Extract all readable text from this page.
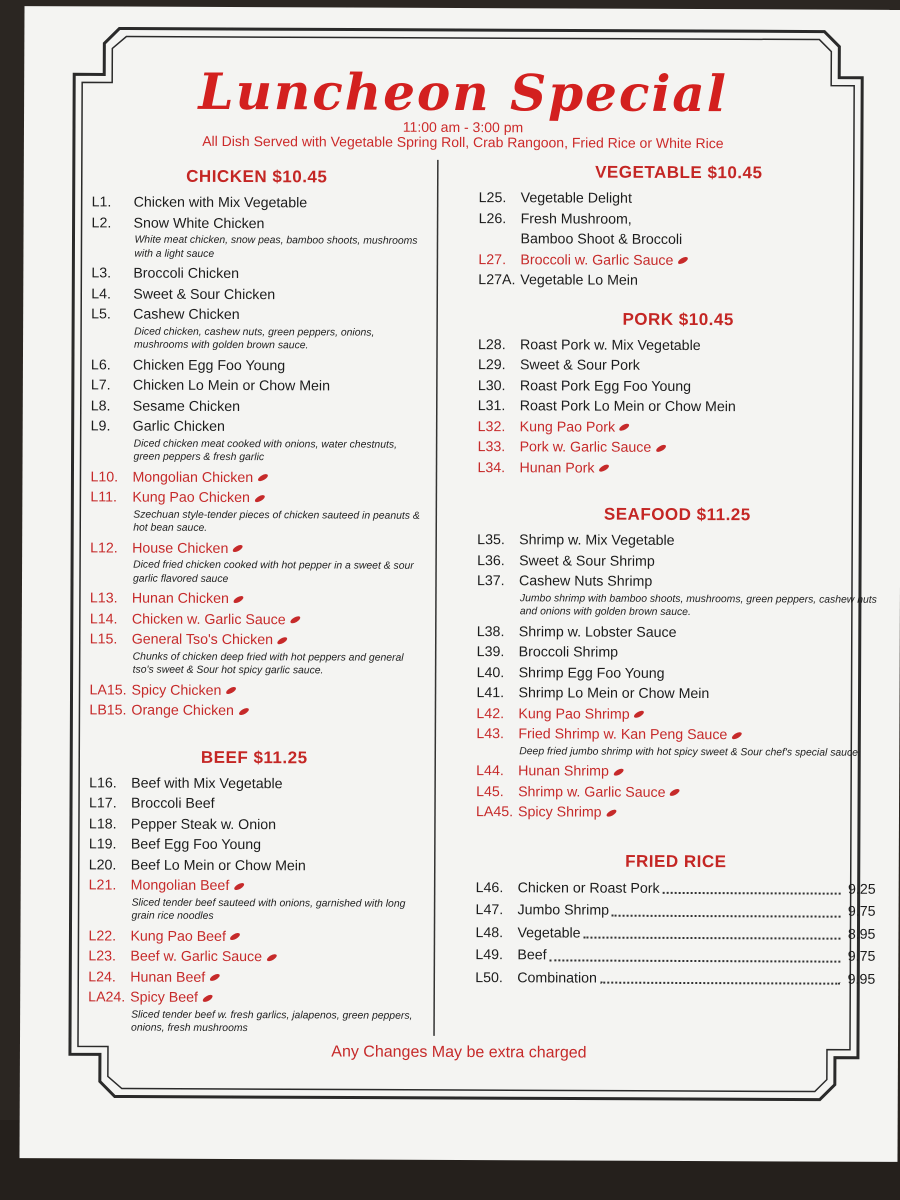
Luncheon Special
11:00 am - 3:00 pm
All Dish Served with Vegetable Spring Roll, Crab Rangoon, Fried Rice or White Rice
CHICKEN $10.45
L1.	Chicken with Mix Vegetable
L2.	Snow White Chicken
White meat chicken, snow peas, bamboo shoots, mushrooms with a light sauce
L3.	Broccoli Chicken
L4.	Sweet & Sour Chicken
L5.	Cashew Chicken
Diced chicken, cashew nuts, green peppers, onions, mushrooms with golden brown sauce.
L6.	Chicken Egg Foo Young
L7.	Chicken Lo Mein or Chow Mein
L8.	Sesame Chicken
L9.	Garlic Chicken
Diced chicken meat cooked with onions, water chestnuts, green peppers & fresh garlic
L10.	Mongolian Chicken
L11.	Kung Pao Chicken
Szechuan style-tender pieces of chicken sauteed in peanuts & hot bean sauce.
L12.	House Chicken
Diced fried chicken cooked with hot pepper in a sweet & sour garlic flavored sauce
L13.	Hunan Chicken
L14.	Chicken w. Garlic Sauce
L15.	General Tso's Chicken
Chunks of chicken deep fried with hot peppers and general tso's sweet & Sour hot spicy garlic sauce.
LA15. Spicy Chicken
LB15. Orange Chicken
BEEF $11.25
L16.	Beef with Mix Vegetable
L17.	Broccoli Beef
L18.	Pepper Steak w. Onion
L19.	Beef Egg Foo Young
L20.	Beef Lo Mein or Chow Mein
L21.	Mongolian Beef
Sliced tender beef sauteed with onions, garnished with long grain rice noodles
L22.	Kung Pao Beef
L23.	Beef w. Garlic Sauce
L24.	Hunan Beef
LA24. Spicy Beef
Sliced tender beef w. fresh garlics, jalapenos, green peppers, onions, fresh mushrooms
VEGETABLE $10.45
L25.	Vegetable Delight
L26.	Fresh Mushroom,
Bamboo Shoot & Broccoli
L27.	Broccoli w. Garlic Sauce
L27A. Vegetable Lo Mein
PORK $10.45
L28.	Roast Pork w. Mix Vegetable
L29.	Sweet & Sour Pork
L30.	Roast Pork Egg Foo Young
L31.	Roast Pork Lo Mein or Chow Mein
L32.	Kung Pao Pork
L33.	Pork w. Garlic Sauce
L34.	Hunan Pork
SEAFOOD $11.25
L35.	Shrimp w. Mix Vegetable
L36.	Sweet & Sour Shrimp
L37.	Cashew Nuts Shrimp
Jumbo shrimp with bamboo shoots, mushrooms, green peppers, cashew nuts and onions with golden brown sauce.
L38.	Shrimp w. Lobster Sauce
L39.	Broccoli Shrimp
L40.	Shrimp Egg Foo Young
L41.	Shrimp Lo Mein or Chow Mein
L42.	Kung Pao Shrimp
L43.	Fried Shrimp w. Kan Peng Sauce
Deep fried jumbo shrimp with hot spicy sweet & Sour chef's special sauce.
L44.	Hunan Shrimp
L45.	Shrimp w. Garlic Sauce
LA45. Spicy Shrimp
FRIED RICE
L46.	Chicken or Roast Pork	9.25
L47.	Jumbo Shrimp	9.75
L48.	Vegetable	8.95
L49.	Beef	9.75
L50.	Combination	9.95
Any Changes May be extra charged
